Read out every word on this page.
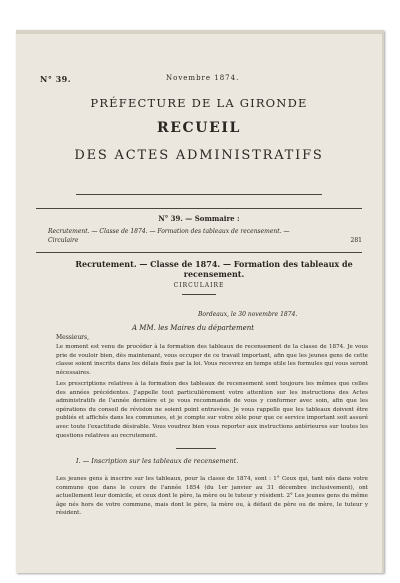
N° 39.	Novembre 1874.
PRÉFECTURE DE LA GIRONDE
RECUEIL
DES ACTES ADMINISTRATIFS
N° 39. — Sommaire :
Recrutement. — Classe de 1874. — Formation des tableaux de recensement. —
Circulaire	281
Recrutement. — Classe de 1874. — Formation des tableaux de recensement.
CIRCULAIRE
Bordeaux, le 30 novembre 1874.
A MM. les Maires du département
Messieurs,
Le moment est venu de procéder à la formation des tableaux de recensement de la classe de 1874. Je vous prie de vouloir bien, dès maintenant, vous occuper de ce travail important, afin que les jeunes gens de cette classe soient inscrits dans les délais fixés par la loi. Vous recevrez en temps utile les formules qui vous seront nécessaires.
Les prescriptions relatives à la formation des tableaux de recensement sont toujours les mêmes que celles des années précédentes. J'appelle tout particulièrement votre attention sur les instructions des Actes administratifs de l'année dernière et je vous recommande de vous y conformer avec soin, afin que les opérations du conseil de révision ne soient point entravées. Je vous rappelle que les tableaux doivent être publiés et affichés dans les communes, et je compte sur votre zèle pour que ce service important soit assuré avec toute l'exactitude désirable. Vous voudrez bien vous reporter aux instructions antérieures sur toutes les questions relatives au recrutement.
I. — Inscription sur les tableaux de recensement.
Les jeunes gens à inscrire sur les tableaux, pour la classe de 1874, sont : 1° Ceux qui, tant nés dans votre commune que dans le cours de l'année 1854 (du 1er janvier au 31 décembre inclusivement), ont actuellement leur domicile, et ceux dont le père, la mère ou le tuteur y résident. 2° Les jeunes gens du même âge nés hors de votre commune, mais dont le père, la mère ou, à défaut de père ou de mère, le tuteur y résident.
